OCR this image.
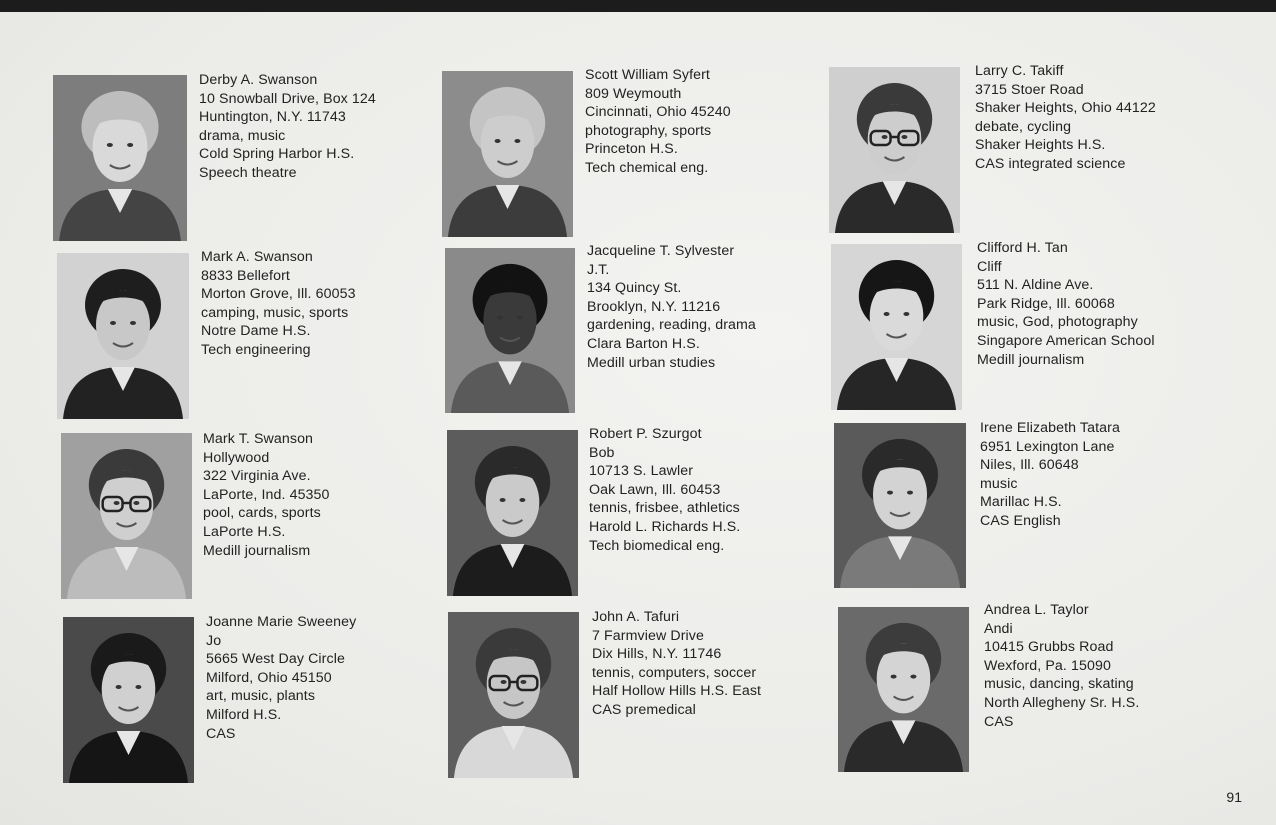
Derby A. Swanson
10 Snowball Drive, Box 124
Huntington, N.Y. 11743
drama, music
Cold Spring Harbor H.S.
Speech theatre
Mark A. Swanson
8833 Bellefort
Morton Grove, Ill. 60053
camping, music, sports
Notre Dame H.S.
Tech engineering
Mark T. Swanson
Hollywood
322 Virginia Ave.
LaPorte, Ind. 45350
pool, cards, sports
LaPorte H.S.
Medill journalism
Joanne Marie Sweeney
Jo
5665 West Day Circle
Milford, Ohio 45150
art, music, plants
Milford H.S.
CAS
Scott William Syfert
809 Weymouth
Cincinnati, Ohio 45240
photography, sports
Princeton H.S.
Tech chemical eng.
Jacqueline T. Sylvester
J.T.
134 Quincy St.
Brooklyn, N.Y. 11216
gardening, reading, drama
Clara Barton H.S.
Medill urban studies
Robert P. Szurgot
Bob
10713 S. Lawler
Oak Lawn, Ill. 60453
tennis, frisbee, athletics
Harold L. Richards H.S.
Tech biomedical eng.
John A. Tafuri
7 Farmview Drive
Dix Hills, N.Y. 11746
tennis, computers, soccer
Half Hollow Hills H.S. East
CAS premedical
Larry C. Takiff
3715 Stoer Road
Shaker Heights, Ohio 44122
debate, cycling
Shaker Heights H.S.
CAS integrated science
Clifford H. Tan
Cliff
511 N. Aldine Ave.
Park Ridge, Ill. 60068
music, God, photography
Singapore American School
Medill journalism
Irene Elizabeth Tatara
6951 Lexington Lane
Niles, Ill. 60648
music
Marillac H.S.
CAS English
Andrea L. Taylor
Andi
10415 Grubbs Road
Wexford, Pa. 15090
music, dancing, skating
North Allegheny Sr. H.S.
CAS
91
